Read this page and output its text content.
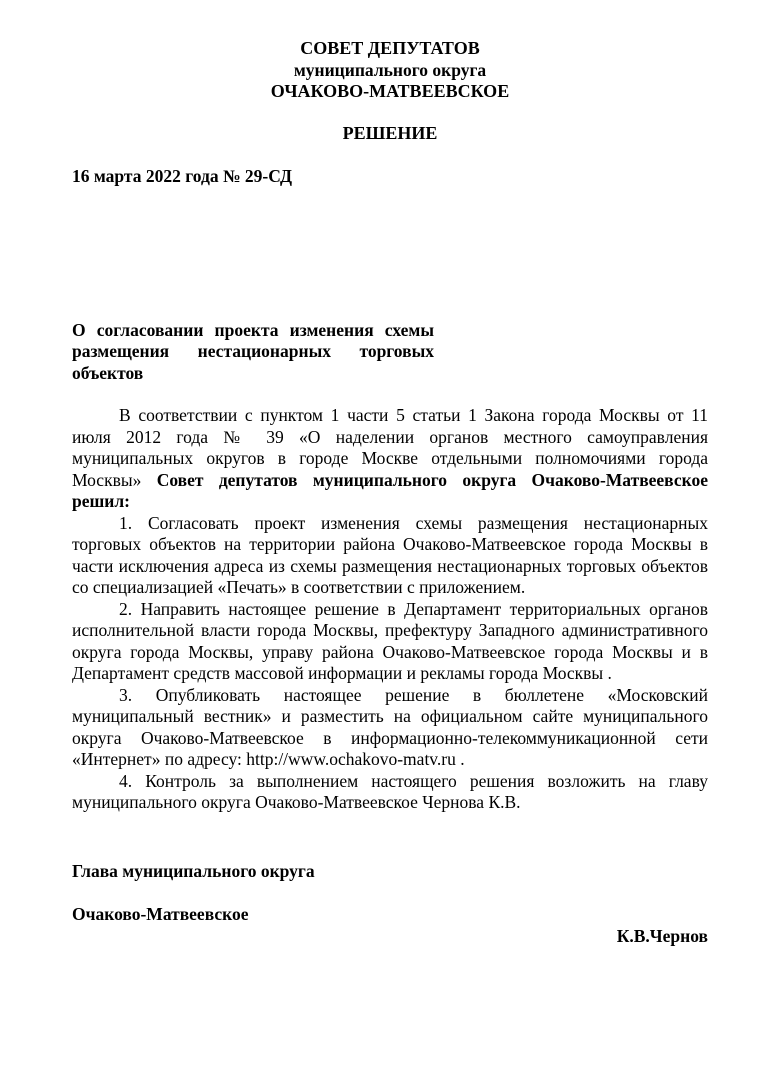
СОВЕТ ДЕПУТАТОВ
муниципального округа
ОЧАКОВО-МАТВЕЕВСКОЕ
РЕШЕНИЕ
16 марта 2022 года № 29-СД
О согласовании проекта изменения схемы размещения нестационарных торговых объектов

В соответствии с пунктом 1 части 5 статьи 1 Закона города Москвы от 11 июля 2012 года № 39 «О наделении органов местного самоуправления муниципальных округов в городе Москве отдельными полномочиями города Москвы» Совет депутатов муниципального округа Очаково-Матвеевское решил:

1. Согласовать проект изменения схемы размещения нестационарных торговых объектов на территории района Очаково-Матвеевское города Москвы в части исключения адреса из схемы размещения нестационарных торговых объектов со специализацией «Печать» в соответствии с приложением.

2. Направить настоящее решение в Департамент территориальных органов исполнительной власти города Москвы, префектуру Западного административного округа города Москвы, управу района Очаково-Матвеевское города Москвы и в Департамент средств массовой информации и рекламы города Москвы .

3. Опубликовать настоящее решение в бюллетене «Московский муниципальный вестник» и разместить на официальном сайте муниципального округа Очаково-Матвеевское в информационно-телекоммуникационной сети «Интернет» по адресу: http://www.ochakovo-matv.ru .

4. Контроль за выполнением настоящего решения возложить на главу муниципального округа Очаково-Матвеевское Чернова К.В.

Глава муниципального округа

Очаково-Матвеевское

К.В.Чернов
